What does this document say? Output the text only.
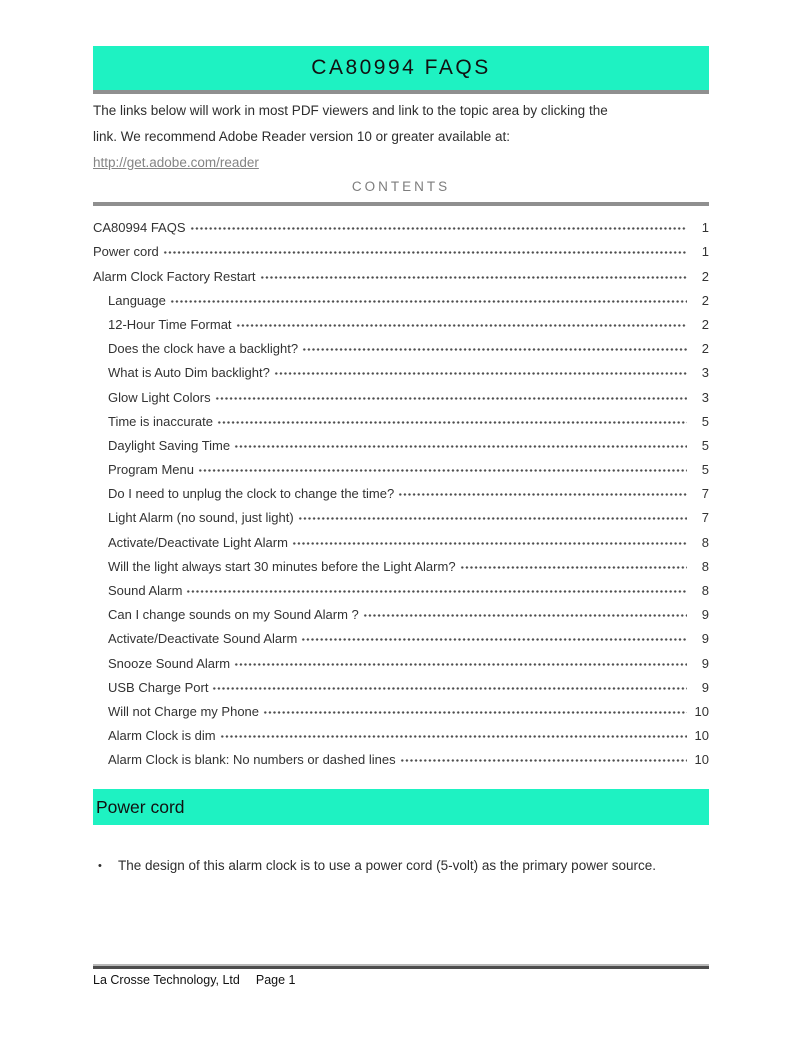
CA80994 FAQS
The links below will work in most PDF viewers and link to the topic area by clicking the
link. We recommend Adobe Reader version 10 or greater available at:
http://get.adobe.com/reader
CONTENTS
CA80994 FAQS	1
Power cord	1
Alarm Clock Factory Restart	2
Language	2
12-Hour Time Format	2
Does the clock have a backlight?	2
What is Auto Dim backlight?	3
Glow Light Colors	3
Time is inaccurate	5
Daylight Saving Time	5
Program Menu	5
Do I need to unplug the clock to change the time?	7
Light Alarm (no sound, just light)	7
Activate/Deactivate Light Alarm	8
Will the light always start 30 minutes before the Light Alarm?	8
Sound Alarm	8
Can I change sounds on my Sound Alarm ?	9
Activate/Deactivate Sound Alarm	9
Snooze Sound Alarm	9
USB Charge Port	9
Will not Charge my Phone	10
Alarm Clock is dim	10
Alarm Clock is blank: No numbers or dashed lines	10
Power cord
•	The design of this alarm clock is to use a power cord (5-volt) as the primary power source.
La Crosse Technology, Ltd Page 1
